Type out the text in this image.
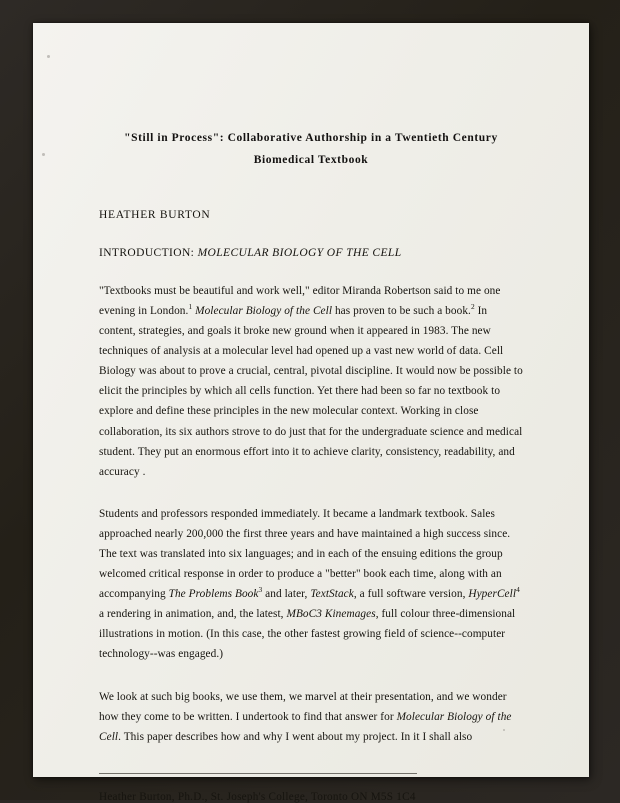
"Still in Process": Collaborative Authorship in a Twentieth Century
Biomedical Textbook
HEATHER BURTON
INTRODUCTION: MOLECULAR BIOLOGY OF THE CELL

"Textbooks must be beautiful and work well," editor Miranda Robertson said to me one evening in London.$^1$ Molecular Biology of the Cell has proven to be such a book.$^2$ In content, strategies, and goals it broke new ground when it appeared in 1983. The new techniques of analysis at a molecular level had opened up a vast new world of data. Cell Biology was about to prove a crucial, central, pivotal discipline. It would now be possible to elicit the principles by which all cells function. Yet there had been so far no textbook to explore and define these principles in the new molecular context. Working in close collaboration, its six authors strove to do just that for the undergraduate science and medical student. They put an enormous effort into it to achieve clarity, consistency, readability, and accuracy .

Students and professors responded immediately. It became a landmark textbook. Sales approached nearly 200,000 the first three years and have maintained a high success since. The text was translated into six languages; and in each of the ensuing editions the group welcomed critical response in order to produce a "better" book each time, along with an accompanying The Problems Book$^3$ and later, TextStack, a full software version, HyperCell$^4$ a rendering in animation, and, the latest, MBoC3 Kinemages, full colour three-dimensional illustrations in motion. (In this case, the other fastest growing field of science--computer technology--was engaged.)

We look at such big books, we use them, we marvel at their presentation, and we wonder how they come to be written. I undertook to find that answer for Molecular Biology of the Cell. This paper describes how and why I went about my project. In it I shall also

Heather Burton, Ph.D., St. Joseph's College, Toronto ON M5S 1C4
